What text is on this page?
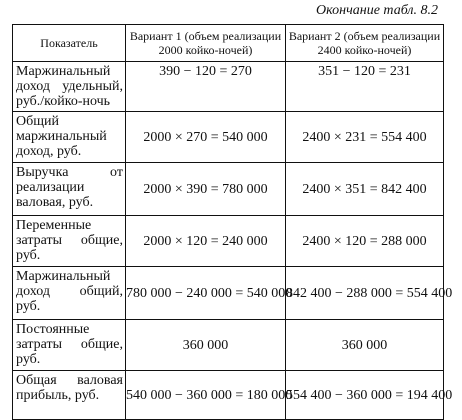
Окончание табл. 8.2
Показатель	Вариант 1 (объем реализации 2000 койко-ночей)	Вариант 2 (объем реализации 2400 койко-ночей)
Маржинальный доход удельный, руб./койко-ночь	390 − 120 = 270	351 − 120 = 231
Общий маржинальный доход, руб.	2000 × 270 = 540 000	2400 × 231 = 554 400
Выручка от реализации валовая, руб.	2000 × 390 = 780 000	2400 × 351 = 842 400
Переменные затраты общие, руб.	2000 × 120 = 240 000	2400 × 120 = 288 000
Маржинальный доход общий, руб.	780 000 − 240 000 = 540 000	842 400 − 288 000 = 554 400
Постоянные затраты общие, руб.	360 000	360 000
Общая валовая прибыль, руб.	540 000 − 360 000 = 180 000	554 400 − 360 000 = 194 400
